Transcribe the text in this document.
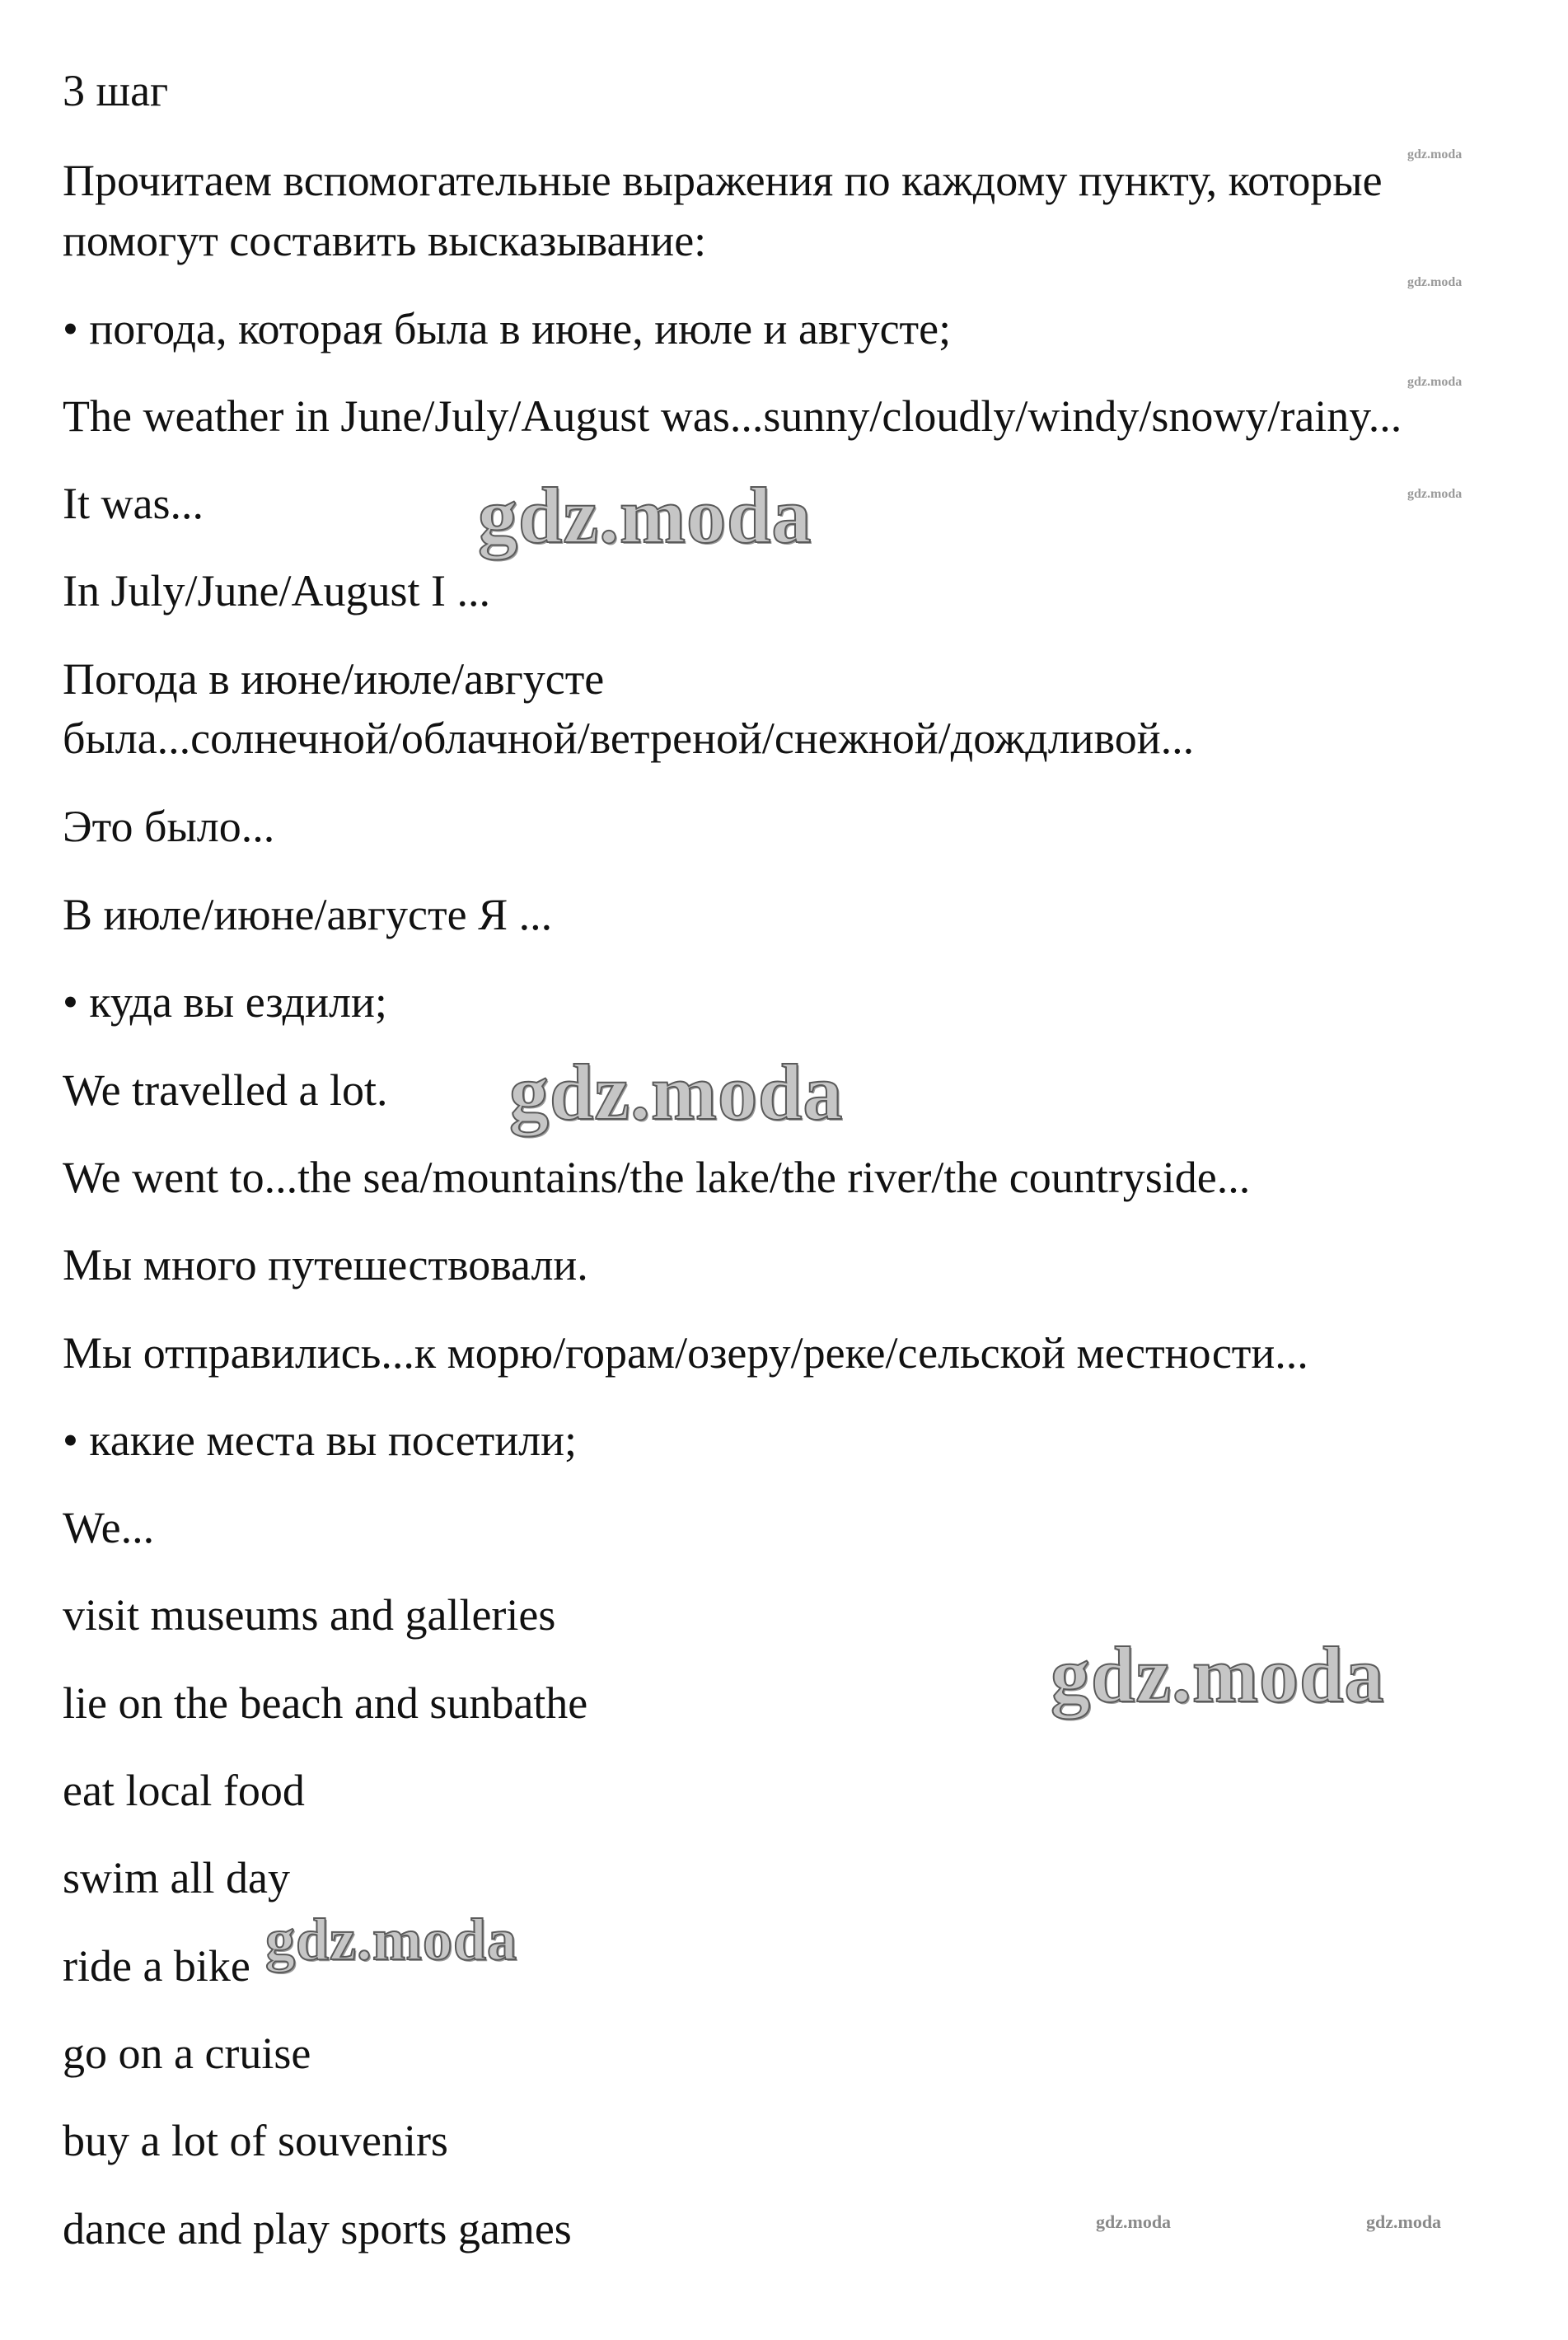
3 шаг

Прочитаем вспомогательные выражения по каждому пункту, которые

помогут составить высказывание:

• погода, которая была в июне, июле и августе;

The weather in June/July/August was...sunny/cloudly/windy/snowy/rainy...

It was...

In July/June/August I ...

Погода в июне/июле/августе

была...солнечной/облачной/ветреной/снежной/дождливой...

Это было...

В июле/июне/августе Я ...

• куда вы ездили;

We travelled a lot.

We went to...the sea/mountains/the lake/the river/the countryside...

Мы много путешествовали.

Мы отправились...к морю/горам/озеру/реке/сельской местности...

• какие места вы посетили;

We...

visit museums and galleries

lie on the beach and sunbathe

eat local food

swim all day

ride a bike

go on a cruise

buy a lot of souvenirs

dance and play sports games

gdz.moda
gdz.moda
gdz.moda
gdz.moda
gdz.moda	gdz.moda
gdz.moda
gdz.moda
gdz.moda
gdz.moda
